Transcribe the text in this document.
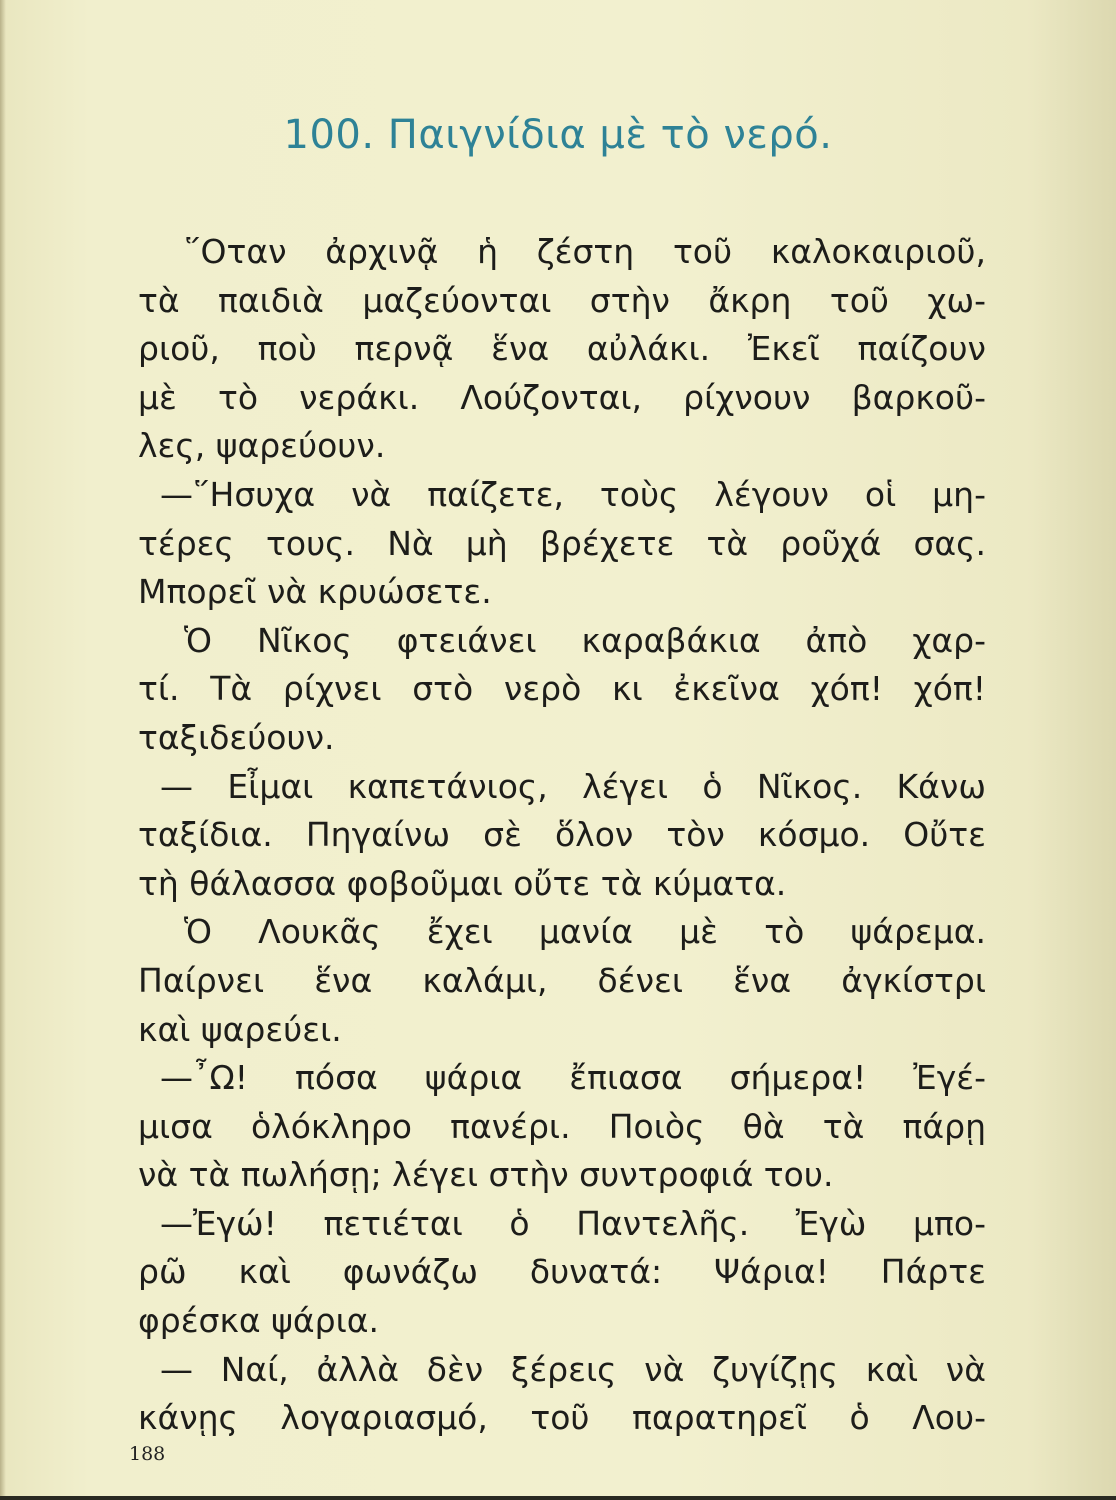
100. Παιγνίδια μὲ τὸ νερό.
῞Οταν ἀρχινᾷ ἡ ζέστη τοῦ καλοκαιριοῦ,
τὰ παιδιὰ μαζεύονται στὴν ἄκρη τοῦ χω-
ριοῦ, ποὺ περνᾷ ἕνα αὐλάκι. Ἐκεῖ παίζουν
μὲ τὸ νεράκι. Λούζονται, ρίχνουν βαρκοῦ-
λες, ψαρεύουν.
—῞Ησυχα νὰ παίζετε, τοὺς λέγουν οἱ μη-
τέρες τους. Νὰ μὴ βρέχετε τὰ ροῦχά σας.
Μπορεῖ νὰ κρυώσετε.
Ὁ Νῖκος φτειάνει καραβάκια ἀπὸ χαρ-
τί. Τὰ ρίχνει στὸ νερὸ κι ἐκεῖνα χόπ! χόπ!
ταξιδεύουν.
— Εἶμαι καπετάνιος, λέγει ὁ Νῖκος. Κάνω
ταξίδια. Πηγαίνω σὲ ὅλον τὸν κόσμο. Οὔτε
τὴ θάλασσα φοβοῦμαι οὔτε τὰ κύματα.
Ὁ Λουκᾶς ἔχει μανία μὲ τὸ ψάρεμα.
Παίρνει ἕνα καλάμι, δένει ἕνα ἀγκίστρι
καὶ ψαρεύει.
—῏Ω! πόσα ψάρια ἔπιασα σήμερα! Ἐγέ-
μισα ὁλόκληρο πανέρι. Ποιὸς θὰ τὰ πάρῃ
νὰ τὰ πωλήσῃ; λέγει στὴν συντροφιά του.
—Ἐγώ! πετιέται ὁ Παντελῆς. Ἐγὼ μπο-
ρῶ καὶ φωνάζω δυνατά: Ψάρια! Πάρτε
φρέσκα ψάρια.
— Ναί, ἀλλὰ δὲν ξέρεις νὰ ζυγίζῃς καὶ νὰ
κάνῃς λογαριασμό, τοῦ παρατηρεῖ ὁ Λου-
188
